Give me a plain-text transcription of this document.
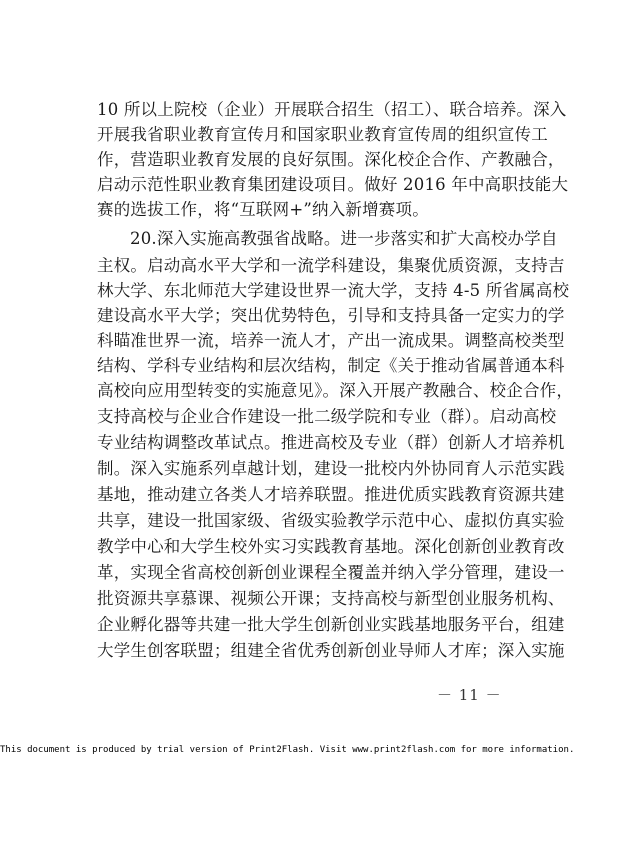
10 所以上院校（企业）开展联合招生（招工）、联合培养。深入
开展我省职业教育宣传月和国家职业教育宣传周的组织宣传工
作，营造职业教育发展的良好氛围。深化校企合作、产教融合，
启动示范性职业教育集团建设项目。做好 2016 年中高职技能大
赛的选拔工作，将“互联网+”纳入新增赛项。
20.深入实施高教强省战略。进一步落实和扩大高校办学自
主权。启动高水平大学和一流学科建设，集聚优质资源，支持吉
林大学、东北师范大学建设世界一流大学，支持 4-5 所省属高校
建设高水平大学；突出优势特色，引导和支持具备一定实力的学
科瞄准世界一流，培养一流人才，产出一流成果。调整高校类型
结构、学科专业结构和层次结构，制定《关于推动省属普通本科
高校向应用型转变的实施意见》。深入开展产教融合、校企合作，
支持高校与企业合作建设一批二级学院和专业（群）。启动高校
专业结构调整改革试点。推进高校及专业（群）创新人才培养机
制。深入实施系列卓越计划，建设一批校内外协同育人示范实践
基地，推动建立各类人才培养联盟。推进优质实践教育资源共建
共享，建设一批国家级、省级实验教学示范中心、虚拟仿真实验
教学中心和大学生校外实习实践教育基地。深化创新创业教育改
革，实现全省高校创新创业课程全覆盖并纳入学分管理，建设一
批资源共享慕课、视频公开课；支持高校与新型创业服务机构、
企业孵化器等共建一批大学生创新创业实践基地服务平台，组建
大学生创客联盟；组建全省优秀创新创业导师人才库；深入实施
－ 11 －
This document is produced by trial version of Print2Flash. Visit www.print2flash.com for more information.
